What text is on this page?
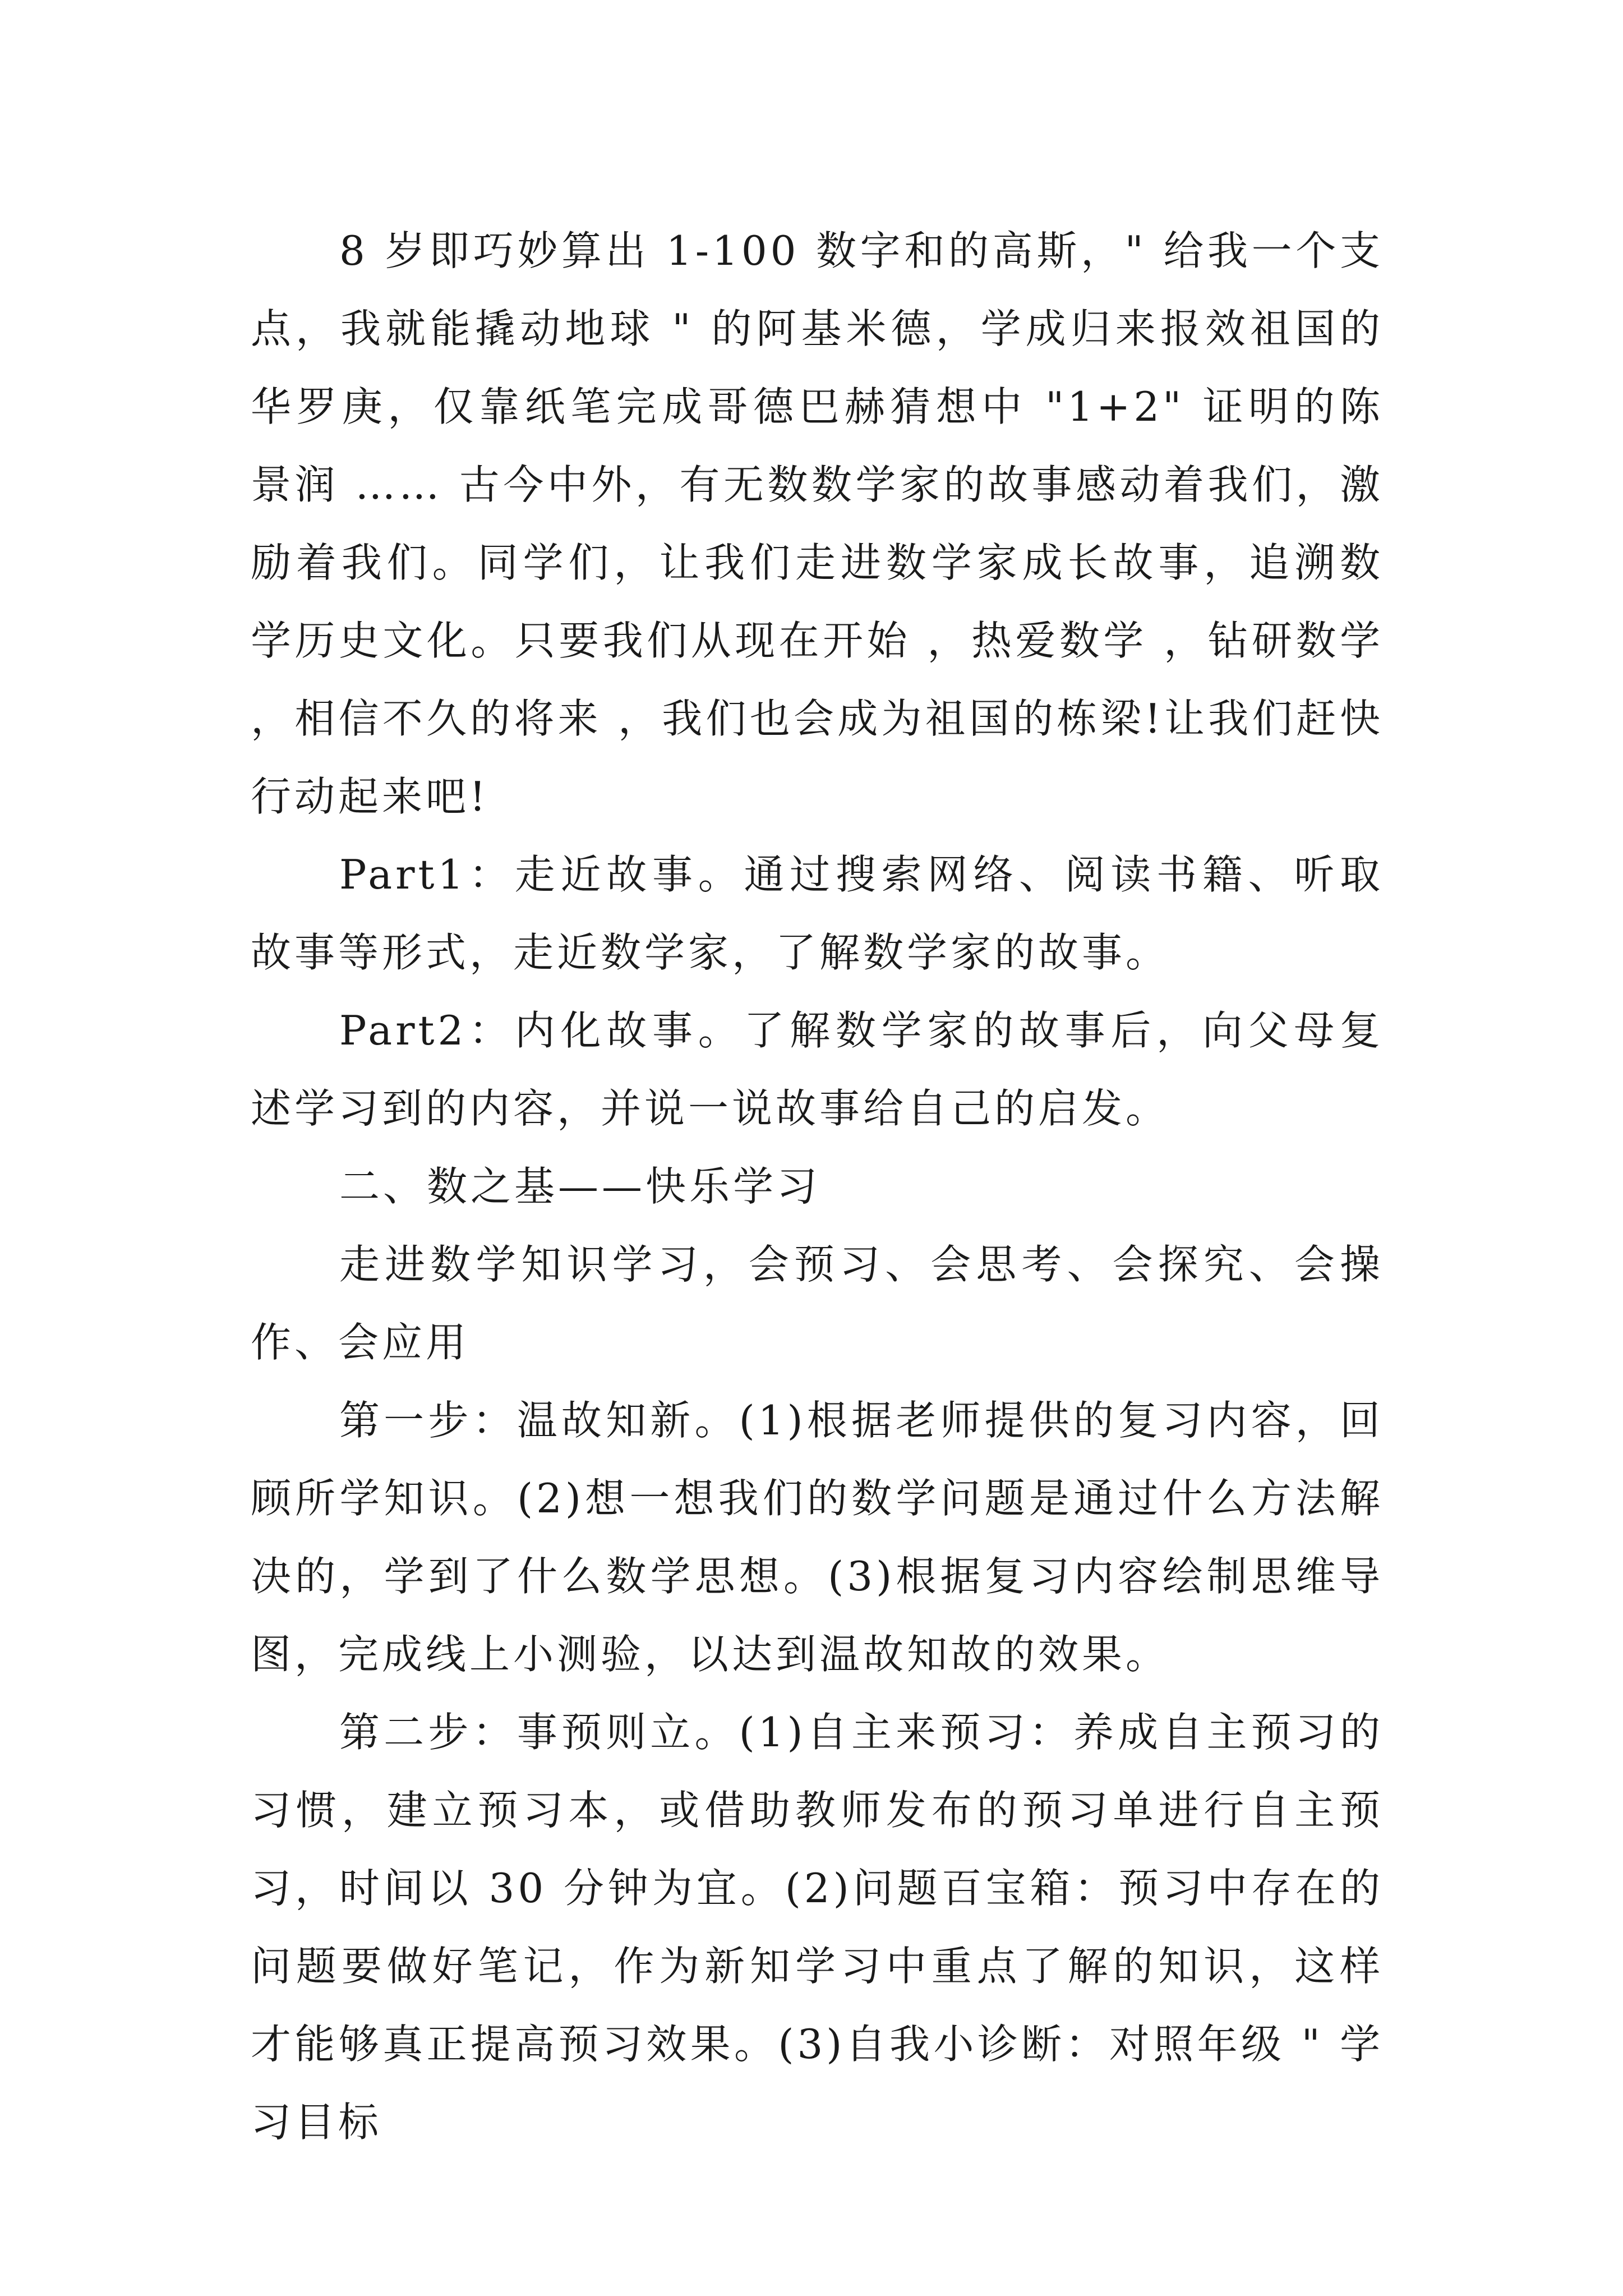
8 岁即巧妙算出 1-100 数字和的高斯，" 给我一个支点，我就能撬动地球 " 的阿基米德，学成归来报效祖国的华罗庚，仅靠纸笔完成哥德巴赫猜想中 "1+2" 证明的陈景润 …… 古今中外，有无数数学家的故事感动着我们，激励着我们。同学们，让我们走进数学家成长故事，追溯数学历史文化。只要我们从现在开始 ，热爱数学 ，钻研数学 ，相信不久的将来 ，我们也会成为祖国的栋梁!让我们赶快行动起来吧!

Part1：走近故事。通过搜索网络、阅读书籍、听取故事等形式，走近数学家，了解数学家的故事。

Part2：内化故事。了解数学家的故事后，向父母复述学习到的内容，并说一说故事给自己的启发。

二、数之基——快乐学习

走进数学知识学习，会预习、会思考、会探究、会操作、会应用

第一步：温故知新。(1)根据老师提供的复习内容，回顾所学知识。(2)想一想我们的数学问题是通过什么方法解决的，学到了什么数学思想。(3)根据复习内容绘制思维导图，完成线上小测验，以达到温故知故的效果。

第二步：事预则立。(1)自主来预习：养成自主预习的习惯，建立预习本，或借助教师发布的预习单进行自主预习，时间以 30 分钟为宜。(2)问题百宝箱：预习中存在的问题要做好笔记，作为新知学习中重点了解的知识，这样才能够真正提高预习效果。(3)自我小诊断：对照年级 " 学习目标
